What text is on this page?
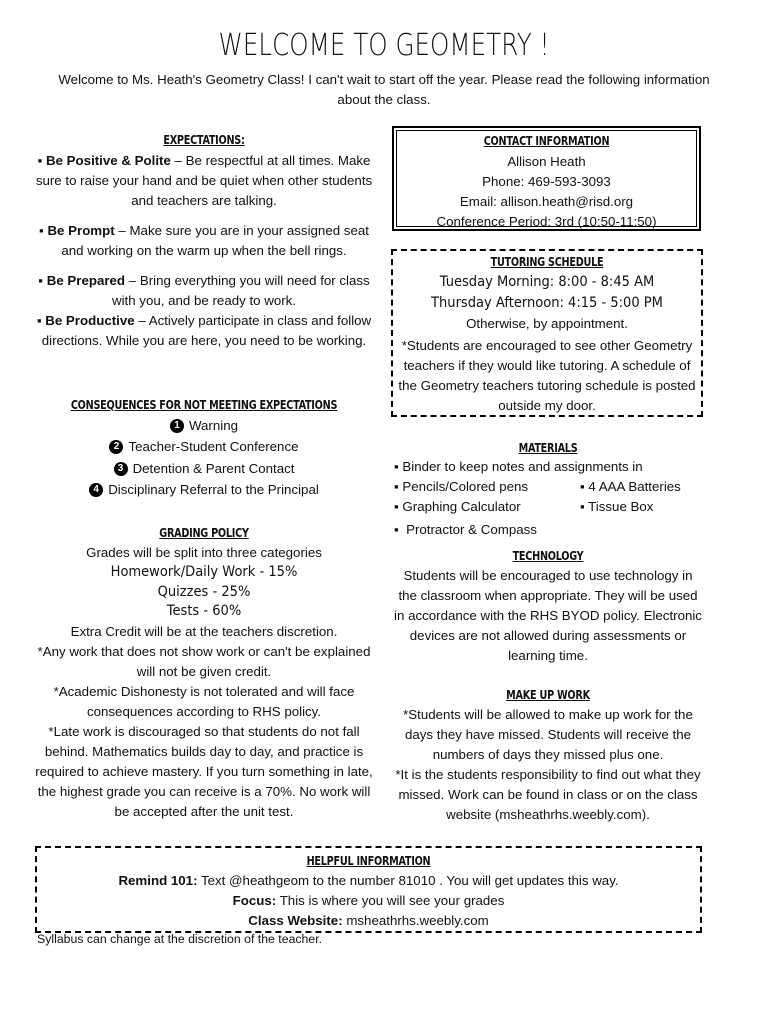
WELCOME TO GEOMETRY !
Welcome to Ms. Heath's Geometry Class! I can't wait to start off the year. Please read the following information about the class.
EXPECTATIONS:

▪ Be Positive & Polite – Be respectful at all times. Make sure to raise your hand and be quiet when other students and teachers are talking.

▪ Be Prompt – Make sure you are in your assigned seat and working on the warm up when the bell rings.

▪ Be Prepared – Bring everything you will need for class with you, and be ready to work.

▪ Be Productive – Actively participate in class and follow directions. While you are here, you need to be working.

CONSEQUENCES FOR NOT MEETING EXPECTATIONS
1 Warning
2 Teacher-Student Conference
3 Detention & Parent Contact
4 Disciplinary Referral to the Principal
GRADING POLICY

Grades will be split into three categories

Homework/Daily Work - 15%
Quizzes - 25%
Tests - 60%

Extra Credit will be at the teachers discretion.

*Any work that does not show work or can't be explained will not be given credit.

*Academic Dishonesty is not tolerated and will face consequences according to RHS policy.

*Late work is discouraged so that students do not fall behind. Mathematics builds day to day, and practice is required to achieve mastery. If you turn something in late, the highest grade you can receive is a 70%. No work will be accepted after the unit test.

CONTACT INFORMATION

Allison Heath

Phone: 469-593-3093

Email: allison.heath@risd.org

Conference Period: 3rd (10:50-11:50)

TUTORING SCHEDULE
Tuesday Morning: 8:00 - 8:45 AM
Thursday Afternoon: 4:15 - 5:00 PM

Otherwise, by appointment.

*Students are encouraged to see other Geometry teachers if they would like tutoring. A schedule of the Geometry teachers tutoring schedule is posted outside my door.

MATERIALS

▪ Binder to keep notes and assignments in

▪ Pencils/Colored pens

▪ Graphing Calculator

▪ 4 AAA Batteries

▪ Tissue Box

▪  Protractor & Compass

TECHNOLOGY

Students will be encouraged to use technology in the classroom when appropriate. They will be used in accordance with the RHS BYOD policy. Electronic devices are not allowed during assessments or learning time.

MAKE UP WORK

*Students will be allowed to make up work for the days they have missed. Students will receive the numbers of days they missed plus one.

*It is the students responsibility to find out what they missed. Work can be found in class or on the class website (msheathrhs.weebly.com).

HELPFUL INFORMATION

Remind 101: Text @heathgeom to the number 81010 . You will get updates this way.

Focus: This is where you will see your grades

Class Website: msheathrhs.weebly.com

Syllabus can change at the discretion of the teacher.
